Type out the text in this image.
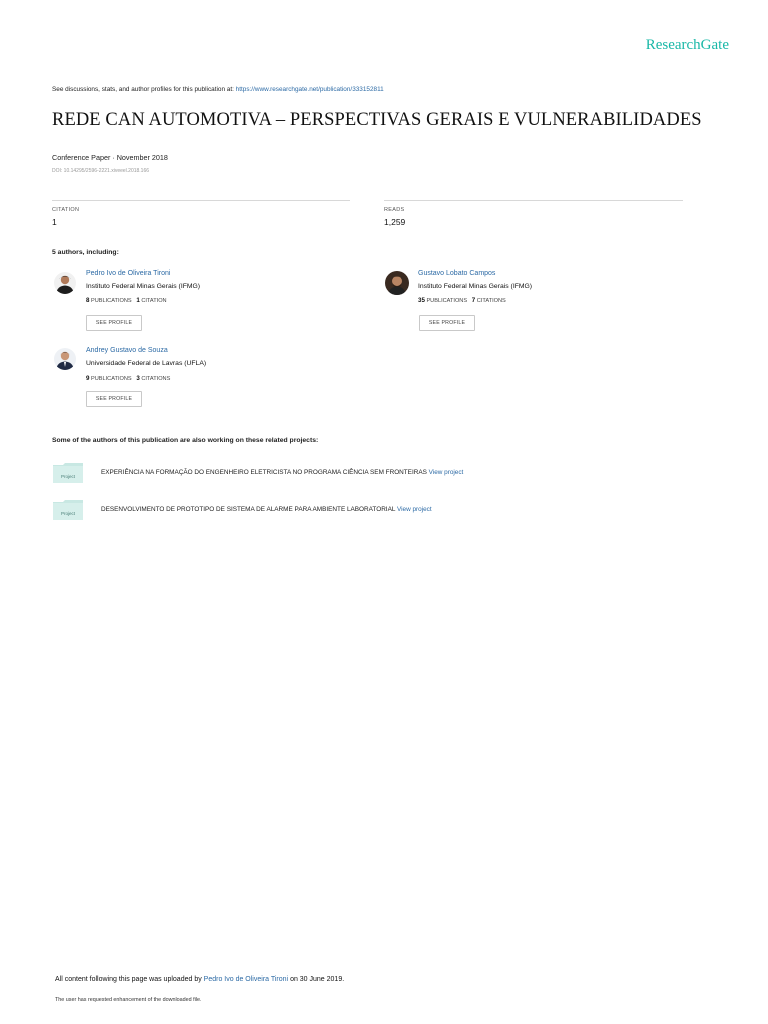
ResearchGate
See discussions, stats, and author profiles for this publication at: https://www.researchgate.net/publication/333152811
REDE CAN AUTOMOTIVA – PERSPECTIVAS GERAIS E VULNERABILIDADES
Conference Paper · November 2018
DOI: 10.14295/2596-2221.xiveeel.2018.166
CITATION
1
READS
1,259
5 authors, including:
Pedro Ivo de Oliveira Tironi
Instituto Federal Minas Gerais (IFMG)
8 PUBLICATIONS 1 CITATION
SEE PROFILE
Gustavo Lobato Campos
Instituto Federal Minas Gerais (IFMG)
35 PUBLICATIONS 7 CITATIONS
SEE PROFILE
Andrey Gustavo de Souza
Universidade Federal de Lavras (UFLA)
9 PUBLICATIONS 3 CITATIONS
SEE PROFILE
Some of the authors of this publication are also working on these related projects:
Project
EXPERIÊNCIA NA FORMAÇÃO DO ENGENHEIRO ELETRICISTA NO PROGRAMA CIÊNCIA SEM FRONTEIRAS View project
Project
DESENVOLVIMENTO DE PROTOTIPO DE SISTEMA DE ALARME PARA AMBIENTE LABORATORIAL View project
All content following this page was uploaded by Pedro Ivo de Oliveira Tironi on 30 June 2019.
The user has requested enhancement of the downloaded file.
